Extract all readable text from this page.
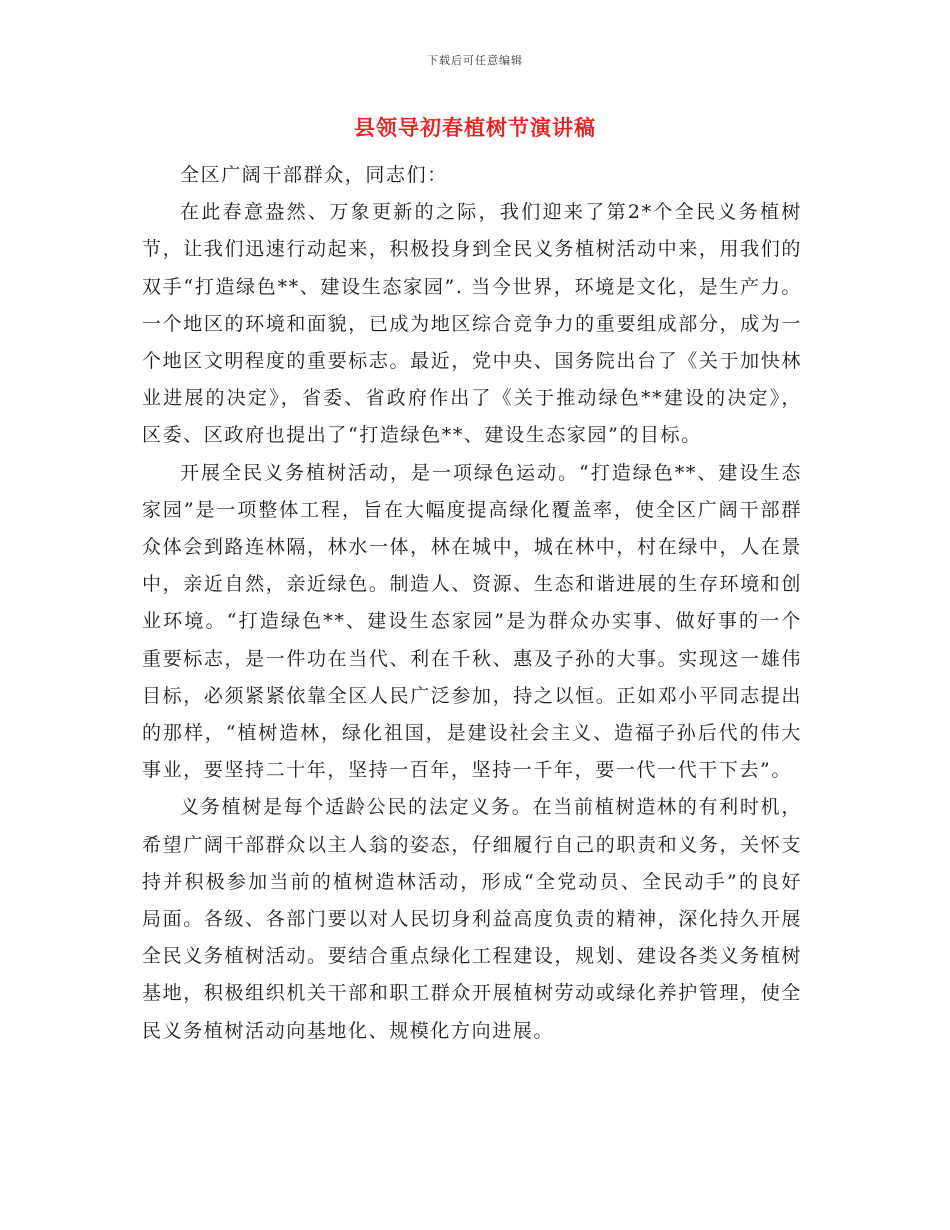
下载后可任意编辑
县领导初春植树节演讲稿

全区广阔干部群众，同志们：

在此春意盎然、万象更新的之际，我们迎来了第2*个全民义务植树节，让我们迅速行动起来，积极投身到全民义务植树活动中来，用我们的双手“打造绿色**、建设生态家园”. 当今世界，环境是文化，是生产力。一个地区的环境和面貌，已成为地区综合竞争力的重要组成部分，成为一个地区文明程度的重要标志。最近，党中央、国务院出台了《关于加快林业进展的决定》，省委、省政府作出了《关于推动绿色**建设的决定》，区委、区政府也提出了“打造绿色**、建设生态家园”的目标。

开展全民义务植树活动，是一项绿色运动。“打造绿色**、建设生态家园”是一项整体工程，旨在大幅度提高绿化覆盖率，使全区广阔干部群众体会到路连林隔，林水一体，林在城中，城在林中，村在绿中，人在景中，亲近自然，亲近绿色。制造人、资源、生态和谐进展的生存环境和创业环境。“打造绿色**、建设生态家园”是为群众办实事、做好事的一个重要标志，是一件功在当代、利在千秋、惠及子孙的大事。实现这一雄伟目标，必须紧紧依靠全区人民广泛参加，持之以恒。正如邓小平同志提出的那样，“植树造林，绿化祖国，是建设社会主义、造福子孙后代的伟大事业，要坚持二十年，坚持一百年，坚持一千年，要一代一代干下去”。

义务植树是每个适龄公民的法定义务。在当前植树造林的有利时机，希望广阔干部群众以主人翁的姿态，仔细履行自己的职责和义务，关怀支持并积极参加当前的植树造林活动，形成“全党动员、全民动手”的良好局面。各级、各部门要以对人民切身利益高度负责的精神，深化持久开展全民义务植树活动。要结合重点绿化工程建设，规划、建设各类义务植树基地，积极组织机关干部和职工群众开展植树劳动或绿化养护管理，使全民义务植树活动向基地化、规模化方向进展。
